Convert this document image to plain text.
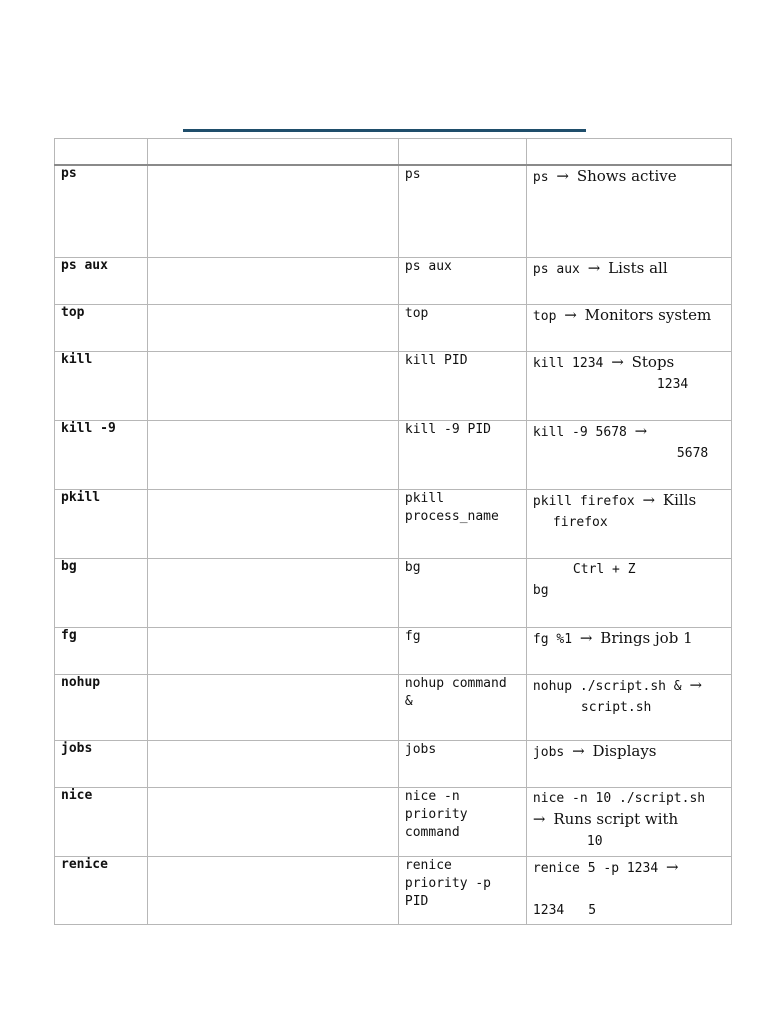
ps		ps	ps → Shows active
ps aux		ps aux	ps aux → Lists all
top		top	top → Monitors system
kill		kill PID	kill 1234 → Stops
1234

kill -9		kill -9 PID	kill -9 5678 →
5678

pkill		pkill
process_name	pkill firefox → Kills
firefox

bg		bg	Ctrl + Z
bg

fg		fg	fg %1 → Brings job 1
nohup		nohup command
&	nohup ./script.sh & →
script.sh

jobs		jobs	jobs → Displays
nice		nice -n
priority
command	nice -n 10 ./script.sh
→ Runs script with
10

renice		renice
priority -p
PID	renice 5 -p 1234 →
1234 5
